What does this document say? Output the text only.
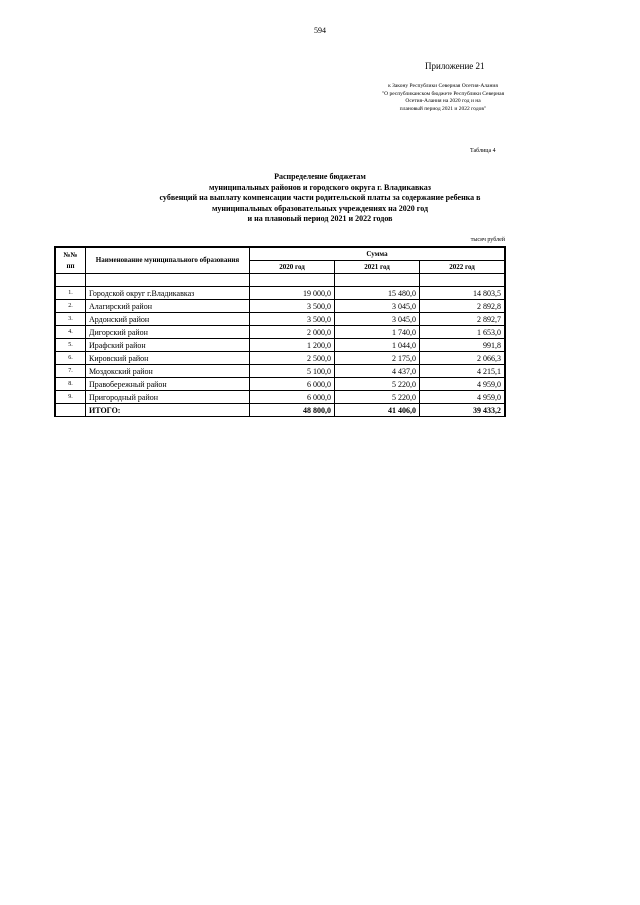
594
Приложение 21
к Закону Республики Северная Осетия-Алания
"О республиканском бюджете Республики Северная
Осетия-Алания на 2020 год и на
плановый период 2021 и 2022 годов"
Таблица 4
Распределение бюджетам
муниципальных районов и городского округа г. Владикавказ
субвенций на выплату компенсации части родительской платы за содержание ребенка в
муниципальных образовательных учреждениях на 2020 год
и на плановый период 2021 и 2022 годов
тысяч рублей
№№ пп	Наименование муниципального образования	Сумма		
		2020 год	2021 год	2022 год

1.	Городской округ г.Владикавказ	19 000,0	15 480,0	14 803,5
2.	Алагирский район	3 500,0	3 045,0	2 892,8
3.	Ардонский район	3 500,0	3 045,0	2 892,7
4.	Дигорский район	2 000,0	1 740,0	1 653,0
5.	Ирафский район	1 200,0	1 044,0	991,8
6.	Кировский район	2 500,0	2 175,0	2 066,3
7.	Моздокский район	5 100,0	4 437,0	4 215,1
8.	Правобережный район	6 000,0	5 220,0	4 959,0
9.	Пригородный район	6 000,0	5 220,0	4 959,0
	ИТОГО:	48 800,0	41 406,0	39 433,2
